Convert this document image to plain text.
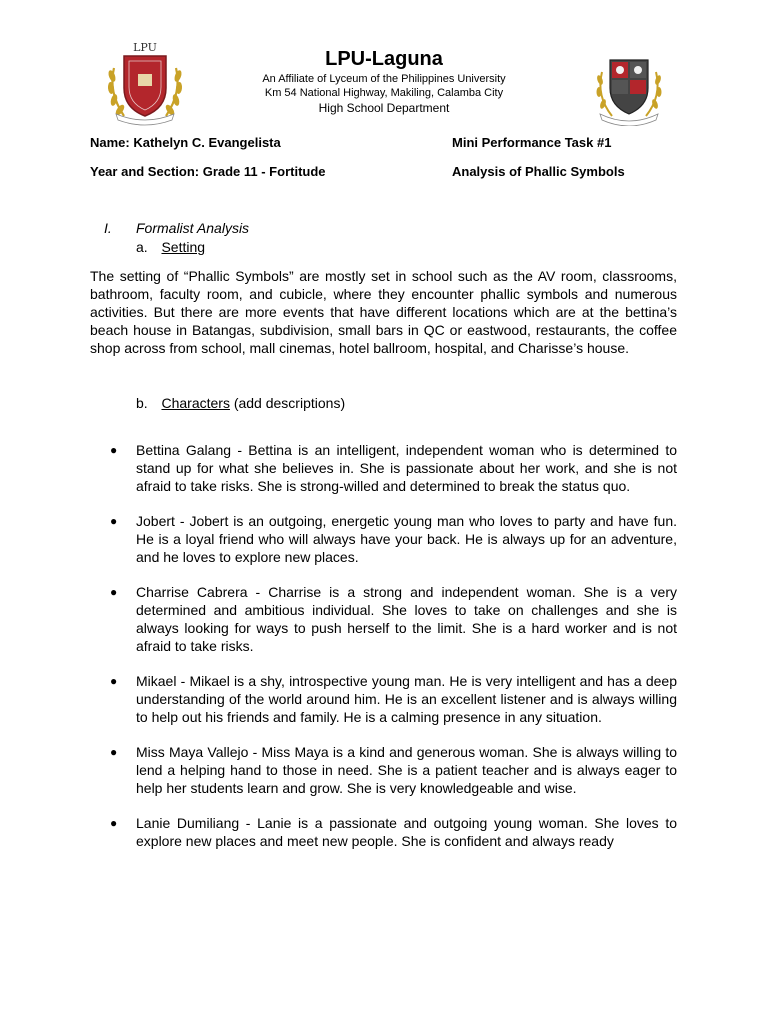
LPU
LPU-Laguna
An Affiliate of Lyceum of the Philippines University
Km 54 National Highway, Makiling, Calamba City
High School Department
Name: Kathelyn C. Evangelista	Mini Performance Task #1
Year and Section: Grade 11 - Fortitude	Analysis of Phallic Symbols
I. Formalist Analysis
a. Setting
The setting of “Phallic Symbols” are mostly set in school such as the AV room, classrooms, bathroom, faculty room, and cubicle, where they encounter phallic symbols and numerous activities. But there are more events that have different locations which are at the bettina’s beach house in Batangas, subdivision, small bars in QC or eastwood, restaurants, the coffee shop across from school, mall cinemas, hotel ballroom, hospital, and Charisse’s house.
b. Characters (add descriptions)
● Bettina Galang - Bettina is an intelligent, independent woman who is determined to stand up for what she believes in. She is passionate about her work, and she is not afraid to take risks. She is strong-willed and determined to break the status quo.
● Jobert - Jobert is an outgoing, energetic young man who loves to party and have fun. He is a loyal friend who will always have your back. He is always up for an adventure, and he loves to explore new places.
● Charrise Cabrera - Charrise is a strong and independent woman. She is a very determined and ambitious individual. She loves to take on challenges and she is always looking for ways to push herself to the limit. She is a hard worker and is not afraid to take risks.
● Mikael - Mikael is a shy, introspective young man. He is very intelligent and has a deep understanding of the world around him. He is an excellent listener and is always willing to help out his friends and family. He is a calming presence in any situation.
● Miss Maya Vallejo - Miss Maya is a kind and generous woman. She is always willing to lend a helping hand to those in need. She is a patient teacher and is always eager to help her students learn and grow. She is very knowledgeable and wise.
● Lanie Dumiliang - Lanie is a passionate and outgoing young woman. She loves to explore new places and meet new people. She is confident and always ready
